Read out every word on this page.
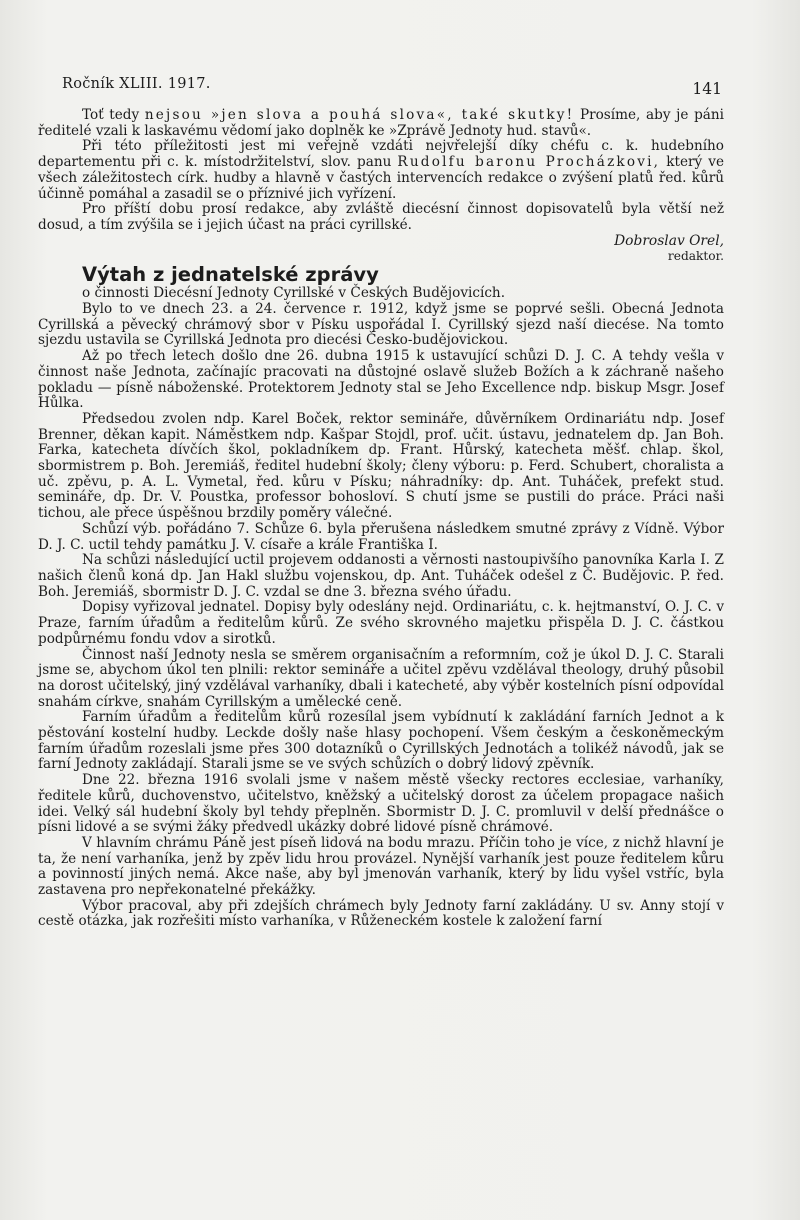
Ročník XLIII. 1917.	141

Toť tedy nejsou »jen slova a pouhá slova«, také skutky! Prosíme, aby je páni ředitelé vzali k laskavému vědomí jako doplněk ke »Zprávě Jednoty hud. stavů«.

Při této příležitosti jest mi veřejně vzdáti nejvřelejší díky chéfu c. k. hudebního departementu při c. k. místodržitelství, slov. panu Rudolfu baronu Procházkovi, který ve všech záležitostech círk. hudby a hlavně v častých intervencích redakce o zvýšení platů řed. kůrů účinně pomáhal a zasadil se o příznivé jich vyřízení.

Pro příští dobu prosí redakce, aby zvláště diecésní činnost dopisovatelů byla větší než dosud, a tím zvýšila se i jejich účast na práci cyrillské.

Dobroslav Orel,

redaktor.

Výtah z jednatelské zprávy

o činnosti Diecésní Jednoty Cyrillské v Českých Budějovicích.

Bylo to ve dnech 23. a 24. července r. 1912, když jsme se poprvé sešli. Obecná Jednota Cyrillská a pěvecký chrámový sbor v Písku uspořádal I. Cyrillský sjezd naší diecése. Na tomto sjezdu ustavila se Cyrillská Jednota pro diecési Česko-budějovickou.

Až po třech letech došlo dne 26. dubna 1915 k ustavující schůzi D. J. C. A tehdy vešla v činnost naše Jednota, začínajíc pracovati na důstojné oslavě služeb Božích a k záchraně našeho pokladu — písně náboženské. Protektorem Jednoty stal se Jeho Excellence ndp. biskup Msgr. Josef Hůlka.

Předsedou zvolen ndp. Karel Boček, rektor semináře, důvěrníkem Ordinariátu ndp. Josef Brenner, děkan kapit. Náměstkem ndp. Kašpar Stojdl, prof. učit. ústavu, jednatelem dp. Jan Boh. Farka, katecheta dívčích škol, pokladníkem dp. Frant. Hůrský, katecheta měšť. chlap. škol, sbormistrem p. Boh. Jeremiáš, ředitel hudební školy; členy výboru: p. Ferd. Schubert, choralista a uč. zpěvu, p. A. L. Vymetal, řed. kůru v Písku; náhradníky: dp. Ant. Tuháček, prefekt stud. semináře, dp. Dr. V. Poustka, professor bohosloví. S chutí jsme se pustili do práce. Práci naši tichou, ale přece úspěšnou brzdily poměry válečné.

Schůzí výb. pořádáno 7. Schůze 6. byla přerušena následkem smutné zprávy z Vídně. Výbor D. J. C. uctil tehdy památku J. V. císaře a krále Františka I.

Na schůzi následující uctil projevem oddanosti a věrnosti nastoupivšího panovníka Karla I. Z našich členů koná dp. Jan Hakl službu vojenskou, dp. Ant. Tuháček odešel z Č. Budějovic. P. řed. Boh. Jeremiáš, sbormistr D. J. C. vzdal se dne 3. března svého úřadu.

Dopisy vyřizoval jednatel. Dopisy byly odeslány nejd. Ordinariátu, c. k. hejtmanství, O. J. C. v Praze, farním úřadům a ředitelům kůrů. Ze svého skrovného majetku přispěla D. J. C. částkou podpůrnému fondu vdov a sirotků.

Činnost naší Jednoty nesla se směrem organisačním a reformním, což je úkol D. J. C. Starali jsme se, abychom úkol ten plnili: rektor semináře a učitel zpěvu vzdělával theology, druhý působil na dorost učitelský, jiný vzdělával varhaníky, dbali i katecheté, aby výběr kostelních písní odpovídal snahám církve, snahám Cyrillským a umělecké ceně.

Farním úřadům a ředitelům kůrů rozesílal jsem vybídnutí k zakládání farních Jednot a k pěstování kostelní hudby. Leckde došly naše hlasy pochopení. Všem českým a českoněmeckým farním úřadům rozeslali jsme přes 300 dotazníků o Cyrillských Jednotách a tolikéž návodů, jak se farní Jednoty zakládají. Starali jsme se ve svých schůzích o dobrý lidový zpěvník.

Dne 22. března 1916 svolali jsme v našem městě všecky rectores ecclesiae, varhaníky, ředitele kůrů, duchovenstvo, učitelstvo, kněžský a učitelský dorost za účelem propagace našich idei. Velký sál hudební školy byl tehdy přeplněn. Sbormistr D. J. C. promluvil v delší přednášce o písni lidové a se svými žáky předvedl ukázky dobré lidové písně chrámové.

V hlavním chrámu Páně jest píseň lidová na bodu mrazu. Příčin toho je více, z nichž hlavní je ta, že není varhaníka, jenž by zpěv lidu hrou provázel. Nynější varhaník jest pouze ředitelem kůru a povinností jiných nemá. Akce naše, aby byl jmenován varhaník, který by lidu vyšel vstříc, byla zastavena pro nepřekonatelné překážky.

Výbor pracoval, aby při zdejších chrámech byly Jednoty farní zakládány. U sv. Anny stojí v cestě otázka, jak rozřešiti místo varhaníka, v Růženeckém kostele k založení farní
